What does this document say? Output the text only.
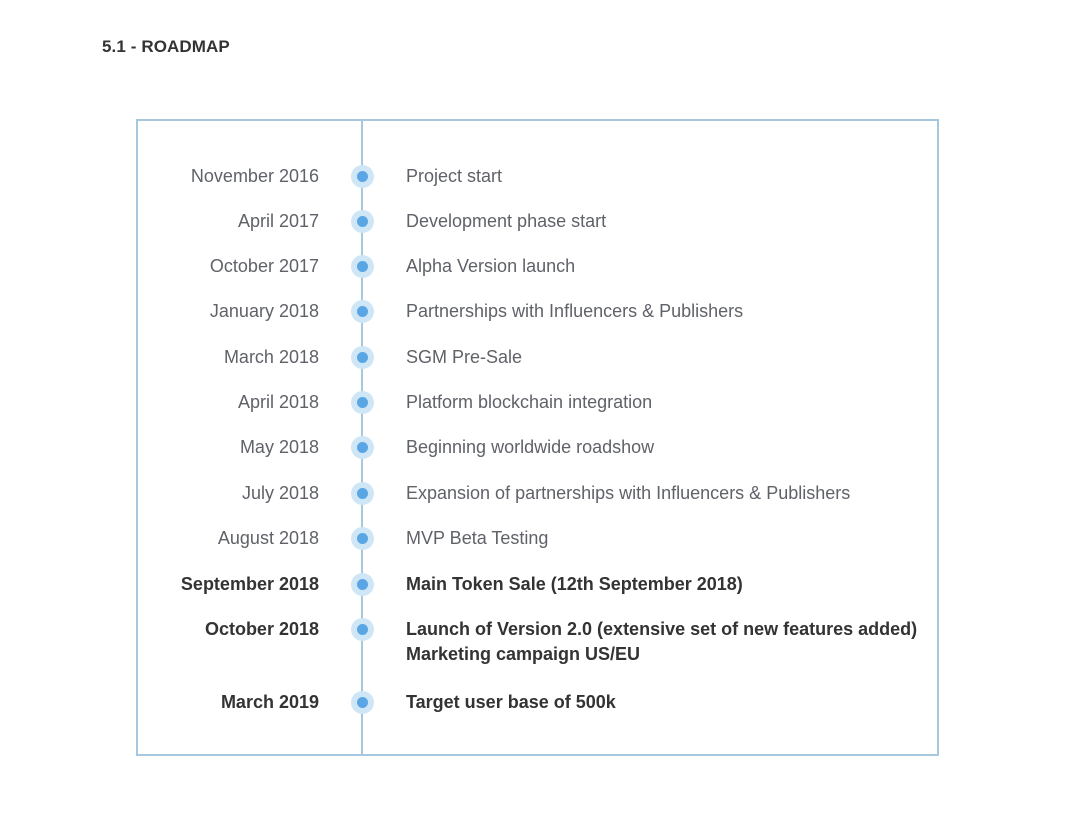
5.1 - ROADMAP
November 2016	Project start
April 2017	Development phase start
October 2017	Alpha Version launch
January 2018	Partnerships with Influencers & Publishers
March 2018	SGM Pre-Sale
April 2018	Platform blockchain integration
May 2018	Beginning worldwide roadshow
July 2018	Expansion of partnerships with Influencers & Publishers
August 2018	MVP Beta Testing
September 2018	Main Token Sale (12th September 2018)
October 2018	Launch of Version 2.0 (extensive set of new features added)
Marketing campaign US/EU
March 2019	Target user base of 500k
